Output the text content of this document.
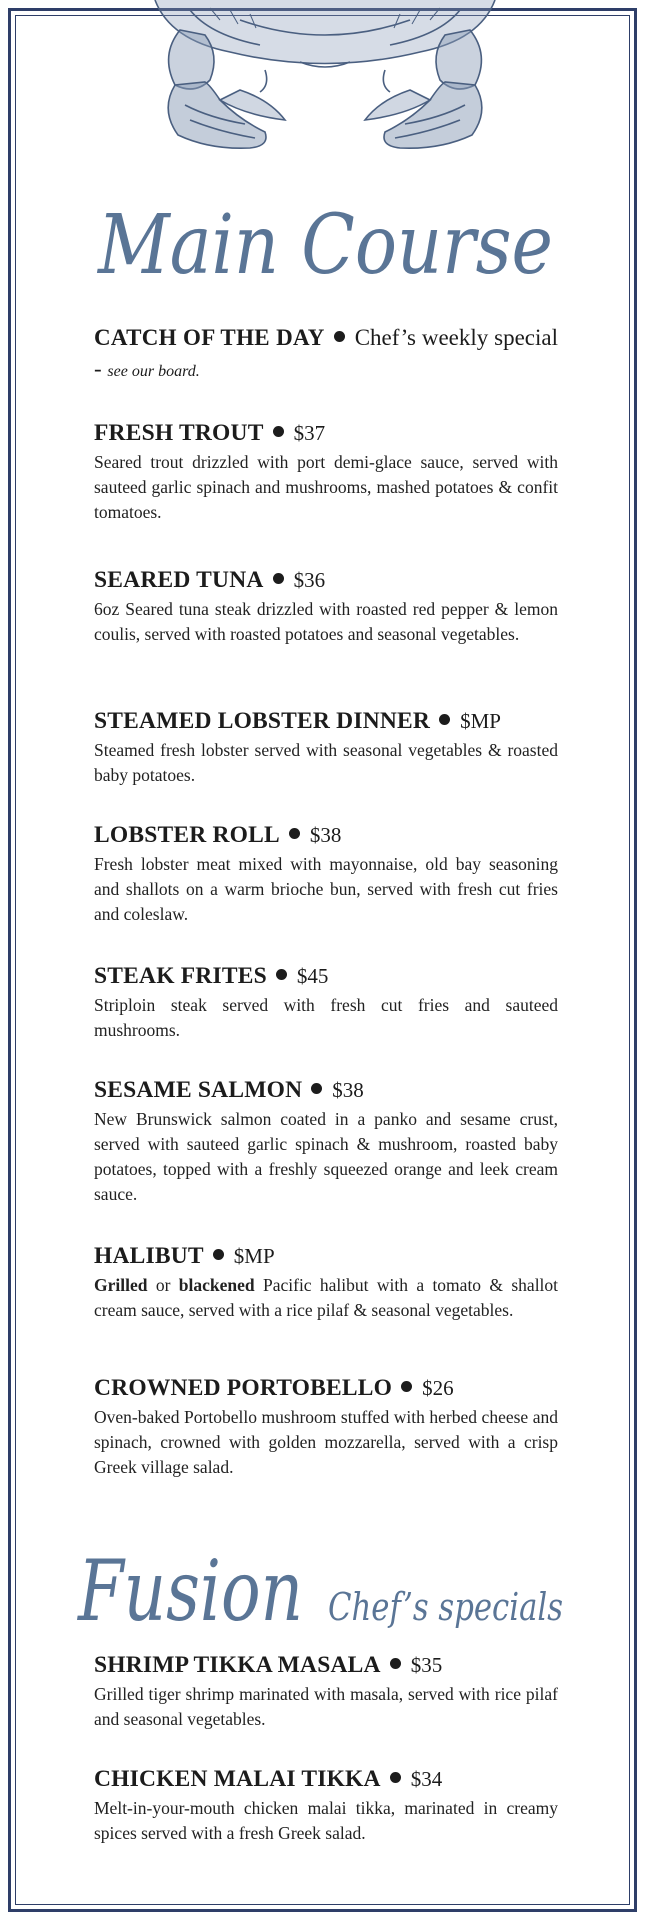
Main Course
CATCH OF THE DAY Chef’s weekly special - see our board.
FRESH TROUT $37
Seared trout drizzled with port demi-glace sauce, served with sauteed garlic spinach and mushrooms, mashed potatoes & confit tomatoes.
SEARED TUNA $36
6oz Seared tuna steak drizzled with roasted red pepper & lemon coulis, served with roasted potatoes and seasonal vegetables.
STEAMED LOBSTER DINNER $MP
Steamed fresh lobster served with seasonal vegetables & roasted baby potatoes.
LOBSTER ROLL $38
Fresh lobster meat mixed with mayonnaise, old bay seasoning and shallots on a warm brioche bun, served with fresh cut fries and coleslaw.
STEAK FRITES $45
Striploin steak served with fresh cut fries and sauteed mushrooms.
SESAME SALMON $38
New Brunswick salmon coated in a panko and sesame crust, served with sauteed garlic spinach & mushroom, roasted baby potatoes, topped with a freshly squeezed orange and leek cream sauce.
HALIBUT $MP
Grilled or blackened Pacific halibut with a tomato & shallot cream sauce, served with a rice pilaf & seasonal vegetables.
CROWNED PORTOBELLO $26
Oven-baked Portobello mushroom stuffed with herbed cheese and spinach, crowned with golden mozzarella, served with a crisp Greek village salad.
Fusion Chef’s specials
SHRIMP TIKKA MASALA $35
Grilled tiger shrimp marinated with masala, served with rice pilaf and seasonal vegetables.
CHICKEN MALAI TIKKA $34
Melt-in-your-mouth chicken malai tikka, marinated in creamy spices served with a fresh Greek salad.
